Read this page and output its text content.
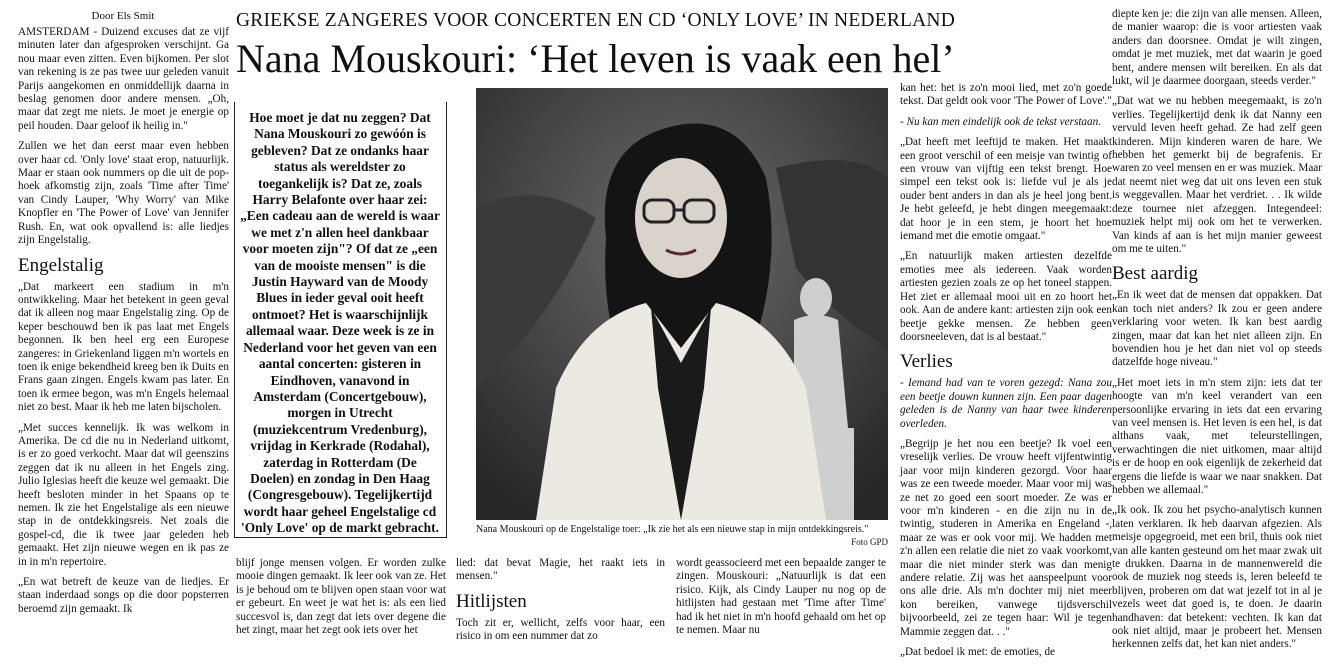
Door Els Smit

AMSTERDAM - Duizend excuses dat ze vijf minuten later dan afgesproken verschijnt. Ga nou maar even zitten. Even bijkomen. Per slot van rekening is ze pas twee uur geleden vanuit Parijs aangekomen en onmiddellijk daarna in beslag genomen door andere mensen. „Oh, maar dat zegt me niets. Je moet je energie op peil houden. Daar geloof ik heilig in."

Zullen we het dan eerst maar even hebben over haar cd. 'Only love' staat erop, natuurlijk. Maar er staan ook nummers op die uit de pop-hoek afkomstig zijn, zoals 'Time after Time' van Cindy Lauper, 'Why Worry' van Mike Knopfler en 'The Power of Love' van Jennifer Rush. En, wat ook opvallend is: alle liedjes zijn Engelstalig.

Engelstalig

„Dat markeert een stadium in m'n ontwikkeling. Maar het betekent in geen geval dat ik alleen nog maar Engelstalig zing. Op de keper beschouwd ben ik pas laat met Engels begonnen. Ik ben heel erg een Europese zangeres: in Griekenland liggen m'n wortels en toen ik enige bekendheid kreeg ben ik Duits en Frans gaan zingen. Engels kwam pas later. En toen ik ermee begon, was m'n Engels helemaal niet zo best. Maar ik heb me laten bijscholen.

„Met succes kennelijk. Ik was welkom in Amerika. De cd die nu in Nederland uitkomt, is er zo goed verkocht. Maar dat wil geenszins zeggen dat ik nu alleen in het Engels zing. Julio Iglesias heeft die keuze wel gemaakt. Die heeft besloten minder in het Spaans op te nemen. Ik zie het Engelstalige als een nieuwe stap in de ontdekkingsreis. Net zoals die gospel-cd, die ik twee jaar geleden heb gemaakt. Het zijn nieuwe wegen en ik pas ze in in m'n repertoire.

„En wat betreft de keuze van de liedjes. Er staan inderdaad songs op die door popsterren beroemd zijn gemaakt. Ik

GRIEKSE ZANGERES VOOR CONCERTEN EN CD ‘ONLY LOVE’ IN NEDERLAND
Nana Mouskouri: ‘Het leven is vaak een hel’
Hoe moet je dat nu zeggen? Dat Nana Mouskouri zo gewóón is gebleven? Dat ze ondanks haar status als wereldster zo toegankelijk is? Dat ze, zoals Harry Belafonte over haar zei: „Een cadeau aan de wereld is waar we met z'n allen heel dankbaar voor moeten zijn"? Of dat ze „een van de mooiste mensen" is die Justin Hayward van de Moody Blues in ieder geval ooit heeft ontmoet? Het is waarschijnlijk allemaal waar. Deze week is ze in Nederland voor het geven van een aantal concerten: gisteren in Eindhoven, vanavond in Amsterdam (Concertgebouw), morgen in Utrecht (muziekcentrum Vredenburg), vrijdag in Kerkrade (Rodahal), zaterdag in Rotterdam (De Doelen) en zondag in Den Haag (Congresgebouw). Tegelijkertijd wordt haar geheel Engelstalige cd 'Only Love' op de markt gebracht.	Nana Mouskouri op de Engelstalige toer: „Ik zie het als een nieuwe stap in mijn ontdekkingsreis."
Foto GPD

blijf jonge mensen volgen. Er worden zulke mooie dingen gemaakt. Ik leer ook van ze. Het is je behoud om te blijven open staan voor wat er gebeurt. En weet je wat het is: als een lied succesvol is, dan zegt dat iets over degene die het zingt, maar het zegt ook iets over het

lied: dat bevat Magie, het raakt iets in mensen."

Hitlijsten

Toch zit er, wellicht, zelfs voor haar, een risico in om een nummer dat zo

wordt geassocieerd met een bepaalde zanger te zingen. Mouskouri: „Natuurlijk is dat een risico. Kijk, als Cindy Lauper nu nog op de hitlijsten had gestaan met 'Time after Time' had ik het niet in m'n hoofd gehaald om het op te nemen. Maar nu

kan het: het is zo'n mooi lied, met zo'n goede tekst. Dat geldt ook voor 'The Power of Love'."

- Nu kan men eindelijk ook de tekst verstaan.

„Dat heeft met leeftijd te maken. Het maakt een groot verschil of een meisje van twintig of een vrouw van vijftig een tekst brengt. Hoe simpel een tekst ook is: liefde vul je als je ouder bent anders in dan als je heel jong bent. Je hebt geleefd, je hebt dingen meegemaakt: dat hoor je in een stem, je hoort het hoe iemand met die emotie omgaat."

„En natuurlijk maken artiesten dezelfde emoties mee als iedereen. Vaak worden artiesten gezien zoals ze op het toneel stappen. Het ziet er allemaal mooi uit en zo hoort het ook. Aan de andere kant: artiesten zijn ook een beetje gekke mensen. Ze hebben geen doorsneeleven, dat is al bestaat."

Verlies

- Iemand had van te voren gezegd: Nana zou een beetje douwn kunnen zijn. Een paar dagen geleden is de Nanny van haar twee kinderen overleden.

„Begrijp je het nou een beetje? Ik voel een vreselijk verlies. De vrouw heeft vijfentwintig jaar voor mijn kinderen gezorgd. Voor haar was ze een tweede moeder. Maar voor mij was ze net zo goed een soort moeder. Ze was er voor m'n kinderen - en die zijn nu in de twintig, studeren in Amerika en Engeland -, maar ze was er ook voor mij. We hadden met z'n allen een relatie die niet zo vaak voorkomt, maar die niet minder sterk was dan menig andere relatie. Zij was het aanspeelpunt voor ons alle drie. Als m'n dochter mij niet meer kon bereiken, vanwege tijdsverschil bijvoorbeeld, zei ze tegen haar: Wil je tegen Mammie zeggen dat. . ."

„Dat bedoel ik met: de emoties, de

diepte ken je: die zijn van alle mensen. Alleen, de manier waarop: die is voor artiesten vaak anders dan doorsnee. Omdat je wilt zingen, omdat je met muziek, met dat waarin je goed bent, andere mensen wilt bereiken. En als dat lukt, wil je daarmee doorgaan, steeds verder."

„Dat wat we nu hebben meegemaakt, is zo'n verlies. Tegelijkertijd denk ik dat Nanny een vervuld leven heeft gehad. Ze had zelf geen kinderen. Mijn kinderen waren de hare. We hebben het gemerkt bij de begrafenis. Er waren zo veel mensen en er was muziek. Maar dat neemt niet weg dat uit ons leven een stuk is weggevallen. Maar het verdriet. . . Ik wilde deze tournee niet afzeggen. Integendeel: muziek helpt mij ook om het te verwerken. Van kinds af aan is het mijn manier geweest om me te uiten."

Best aardig

„En ik weet dat de mensen dat oppakken. Dat kan toch niet anders? Ik zou er geen andere verklaring voor weten. Ik kan best aardig zingen, maar dat kan het niet alleen zijn. En bovendien hou je het dan niet vol op steeds datzelfde hoge niveau."

„Het moet iets in m'n stem zijn: iets dat ter hoogte van m'n keel verandert van een persoonlijke ervaring in iets dat een ervaring van veel mensen is. Het leven is een hel, is dat althans vaak, met teleurstellingen, verwachtingen die niet uitkomen, maar altijd is er de hoop en ook eigenlijk de zekerheid dat ergens die liefde is waar we naar snakken. Dat hebben we allemaal."

„Ik ook. Ik zou het psycho-analytisch kunnen laten verklaren. Ik heb daarvan afgezien. Als meisje opgegroeid, met een bril, thuis ook niet van alle kanten gesteund om het maar zwak uit te drukken. Daarna in de mannenwereld die ook de muziek nog steeds is, leren beleefd te blijven, proberen om dat wat jezelf tot in al je vezels weet dat goed is, te doen. Je daarin handhaven: dat betekent: vechten. Ik kan dat ook niet altijd, maar je probeert het. Mensen herkennen zelfs dat, het kan niet anders."
